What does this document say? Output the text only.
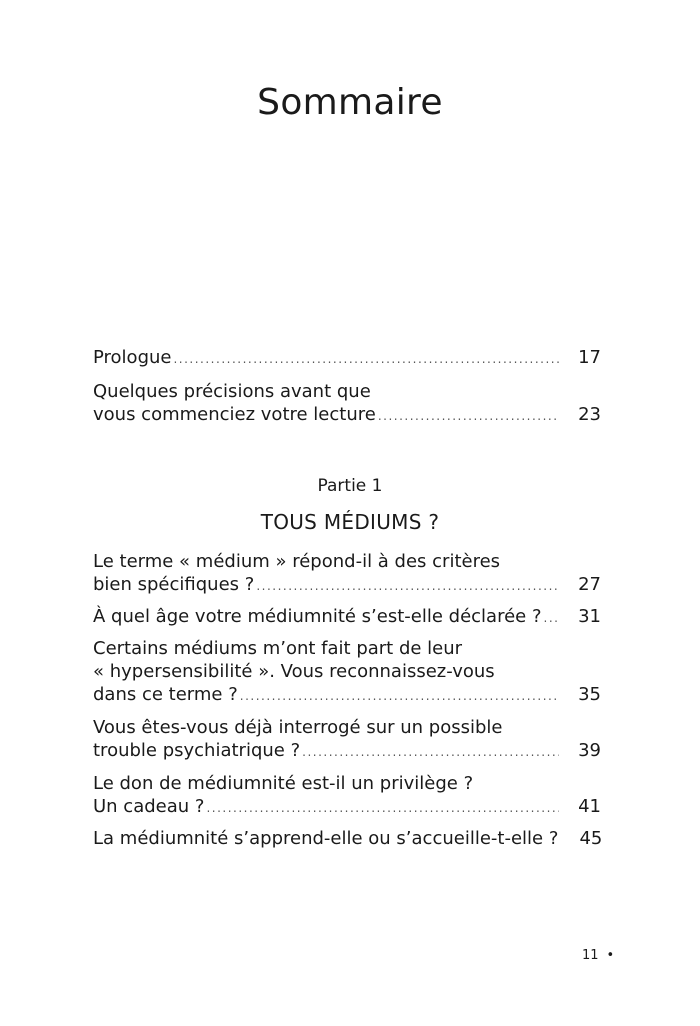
Sommaire
Prologue .....	17
Quelques précisions avant que
vous commenciez votre lecture .....	23
Le terme « médium » répond-il à des critères
bien spécifiques ? .....	27
À quel âge votre médiumnité s’est-elle déclarée ? ..... 31
Certains médiums m’ont fait part de leur
« hypersensibilité ». Vous reconnaissez-vous
dans ce terme ? .....	35
Vous êtes-vous déjà interrogé sur un possible
trouble psychiatrique ? .....	39
Le don de médiumnité est-il un privilège ?
Un cadeau ? .....	41
La médiumnité s’apprend-elle ou s’accueille-t-elle ? 45
Partie 1
TOUS MÉDIUMS ?
11 •
